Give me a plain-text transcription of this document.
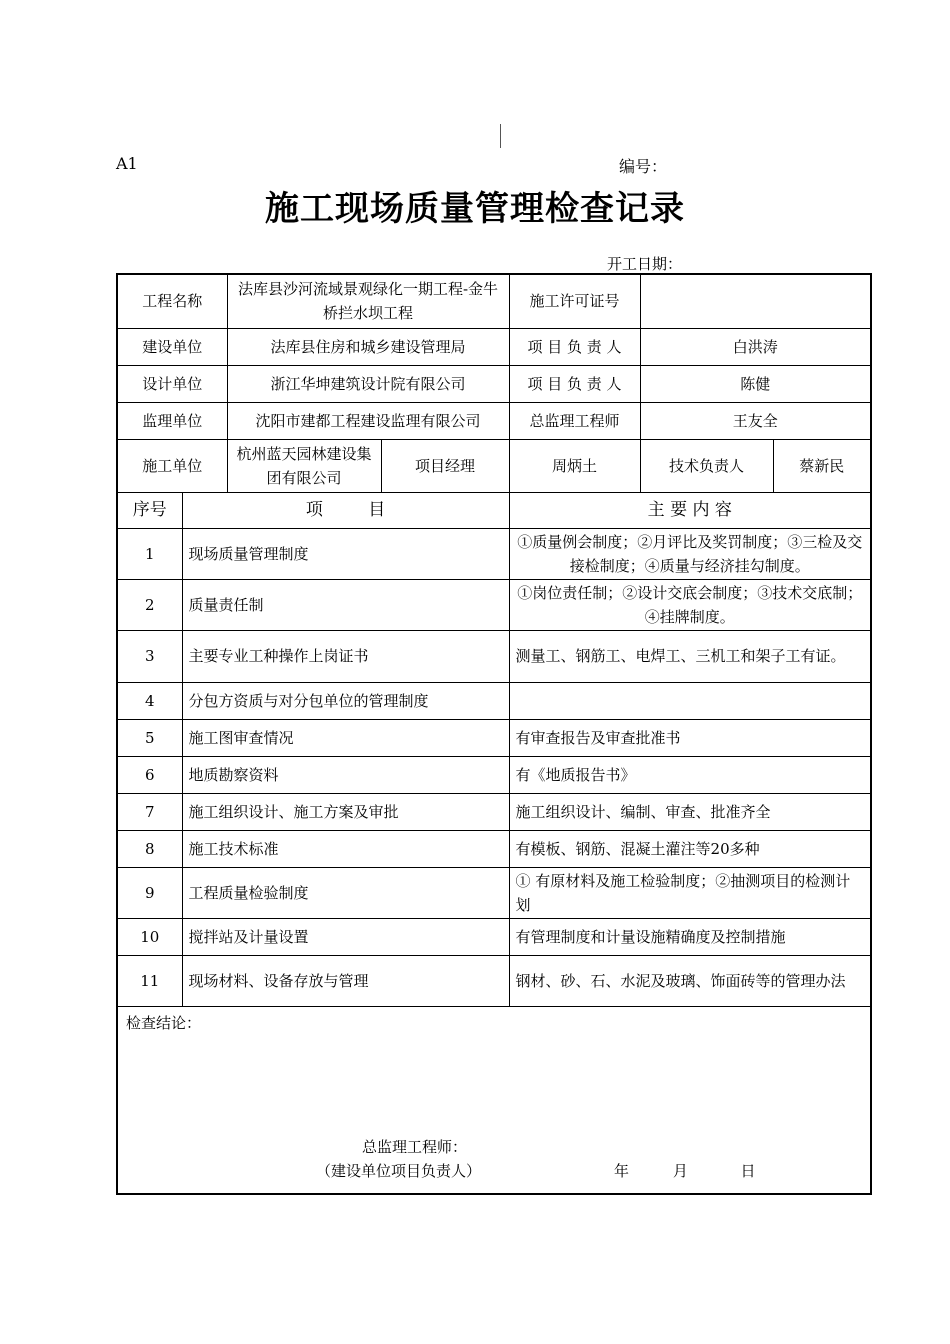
A1	编号：
施工现场质量管理检查记录
开工日期：
工程名称		法库县沙河流域景观绿化一期工程-金牛桥拦水坝工程		施工许可证号	
建设单位		法库县住房和城乡建设管理局		项 目 负 责 人	白洪涛
设计单位		浙江华坤建筑设计院有限公司		项 目 负 责 人	陈健
监理单位		沈阳市建都工程建设监理有限公司		总监理工程师	王友全
施工单位		杭州蓝天园林建设集团有限公司	项目经理	周炳土	技术负责人 蔡新民

序号	项 目			主 要 内 容	
1	现场质量管理制度			①质量例会制度；②月评比及奖罚制度；③三检及交接检制度；④质量与经济挂勾制度。	
2	质量责任制			①岗位责任制；②设计交底会制度；③技术交底制；④挂牌制度。	
3	主要专业工种操作上岗证书			测量工、钢筋工、电焊工、三机工和架子工有证。	
4	分包方资质与对分包单位的管理制度				
5	施工图审查情况			有审查报告及审查批准书	
6	地质勘察资料			有《地质报告书》	
7	施工组织设计、施工方案及审批			施工组织设计、编制、审查、批准齐全	
8	施工技术标准			有模板、钢筋、混凝土灌注等20多种	
9	工程质量检验制度			① 有原材料及施工检验制度；②抽测项目的检测计划	
10	搅拌站及计量设置			有管理制度和计量设施精确度及控制措施	
11	现场材料、设备存放与管理			钢材、砂、石、水泥及玻璃、饰面砖等的管理办法	

检查结论：
总监理工程师：
（建设单位项目负责人） 年     月      日					
